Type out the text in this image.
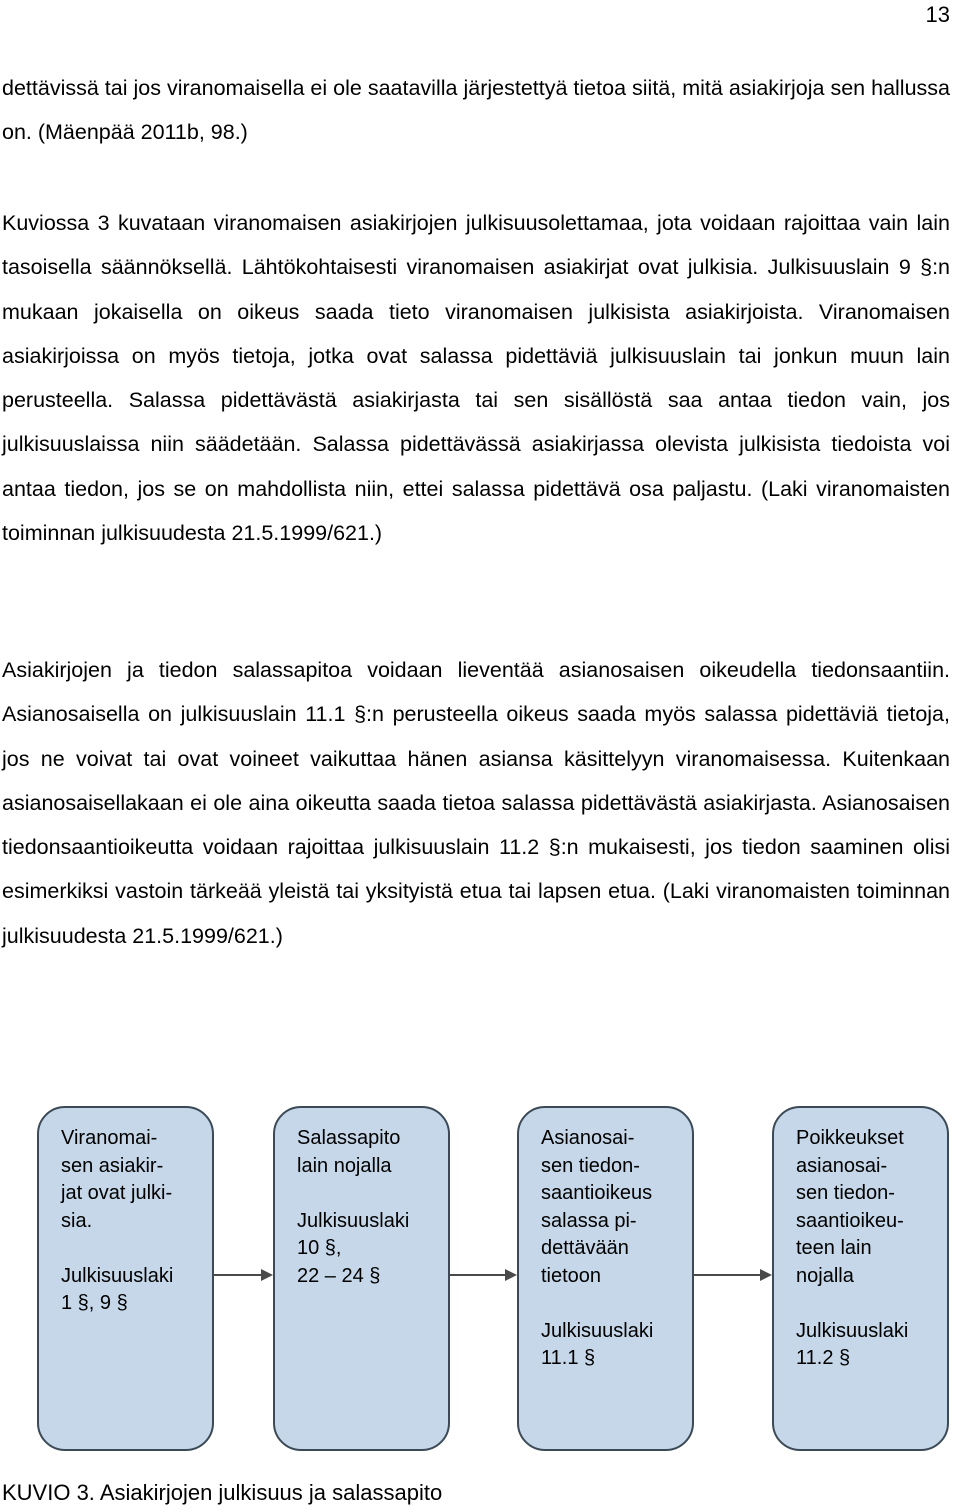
13

dettävissä tai jos viranomaisella ei ole saatavilla järjestettyä tietoa siitä, mitä asiakirjoja sen hallussa on. (Mäenpää 2011b, 98.)

Kuviossa 3 kuvataan viranomaisen asiakirjojen julkisuusolettamaa, jota voidaan rajoittaa vain lain tasoisella säännöksellä. Lähtökohtaisesti viranomaisen asiakirjat ovat julkisia. Julkisuuslain 9 §:n mukaan jokaisella on oikeus saada tieto viranomaisen julkisista asiakirjoista. Viranomaisen asiakirjoissa on myös tietoja, jotka ovat salassa pidettäviä julkisuuslain tai jonkun muun lain perusteella. Salassa pidettävästä asiakirjasta tai sen sisällöstä saa antaa tiedon vain, jos julkisuuslaissa niin säädetään. Salassa pidettävässä asiakirjassa olevista julkisista tiedoista voi antaa tiedon, jos se on mahdollista niin, ettei salassa pidettävä osa paljastu. (Laki viranomaisten toiminnan julkisuudesta 21.5.1999/621.)

Asiakirjojen ja tiedon salassapitoa voidaan lieventää asianosaisen oikeudella tiedonsaantiin. Asianosaisella on julkisuuslain 11.1 §:n perusteella oikeus saada myös salassa pidettäviä tietoja, jos ne voivat tai ovat voineet vaikuttaa hänen asiansa käsittelyyn viranomaisessa. Kuitenkaan asianosaisellakaan ei ole aina oikeutta saada tietoa salassa pidettävästä asiakirjasta. Asianosaisen tiedonsaantioikeutta voidaan rajoittaa julkisuuslain 11.2 §:n mukaisesti, jos tiedon saaminen olisi esimerkiksi vastoin tärkeää yleistä tai yksityistä etua tai lapsen etua. (Laki viranomaisten toiminnan julkisuudesta 21.5.1999/621.)

Viranomai-
sen asiakir-
jat ovat julki-
sia.
Julkisuuslaki
1 §, 9 §
Salassapito
lain nojalla
Julkisuuslaki
10 §,
22 – 24 §
Asianosai-
sen tiedon-
saantioikeus
salassa pi-
dettävään
tietoon
Julkisuuslaki
11.1 §
Poikkeukset
asianosai-
sen tiedon-
saantioikeu-
teen lain
nojalla
Julkisuuslaki
11.2 §
KUVIO 3. Asiakirjojen julkisuus ja salassapito
